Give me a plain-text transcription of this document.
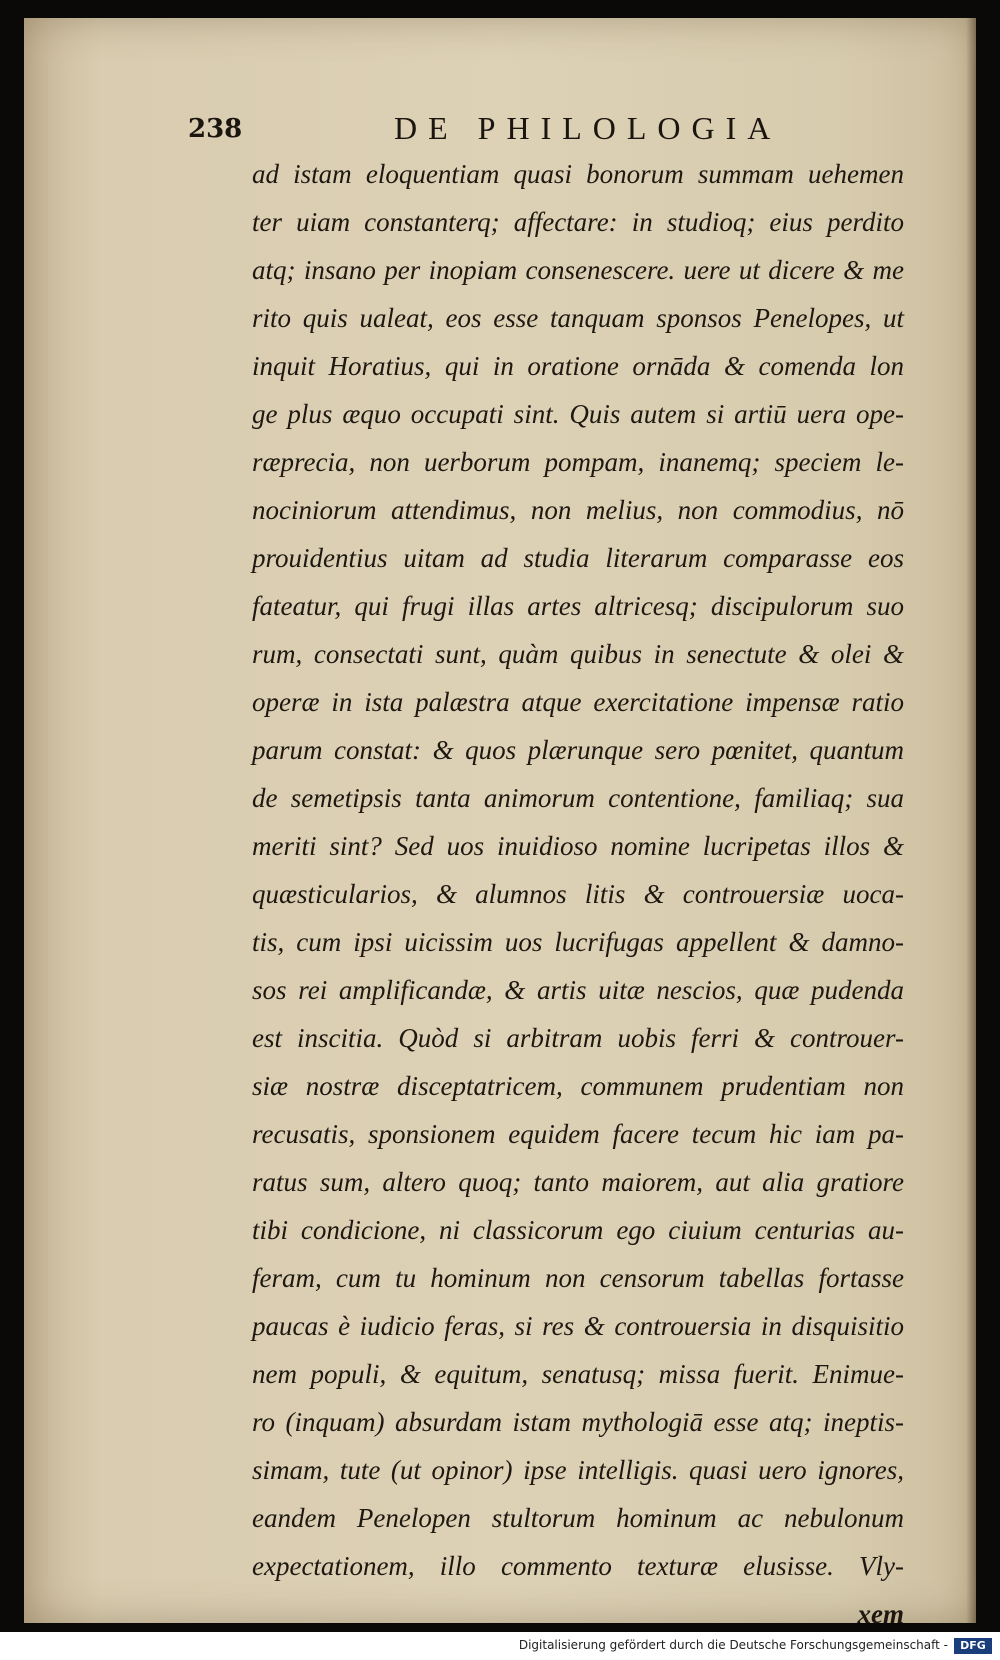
238	DE PHILOLOGIA
ad istam eloquentiam quasi bonorum summam uehemen
ter uiam constanterq; affectare: in studioq; eius perdito
atq; insano per inopiam consenescere. uere ut dicere & me
rito quis ualeat, eos esse tanquam sponsos Penelopes, ut
inquit Horatius, qui in oratione ornāda & comenda lon
ge plus æquo occupati sint. Quis autem si artiū uera ope-
ræprecia, non uerborum pompam, inanemq; speciem le-
nociniorum attendimus, non melius, non commodius, nō
prouidentius uitam ad studia literarum comparasse eos
fateatur, qui frugi illas artes altricesq; discipulorum suo
rum, consectati sunt, quàm quibus in senectute & olei &
operæ in ista palæstra atque exercitatione impensæ ratio
parum constat: & quos plærunque sero pœnitet, quantum
de semetipsis tanta animorum contentione, familiaq; sua
meriti sint? Sed uos inuidioso nomine lucripetas illos &
quæsticularios, & alumnos litis & controuersiæ uoca-
tis, cum ipsi uicissim uos lucrifugas appellent & damno-
sos rei amplificandæ, & artis uitæ nescios, quæ pudenda
est inscitia. Quòd si arbitram uobis ferri & controuer-
siæ nostræ disceptatricem, communem prudentiam non
recusatis, sponsionem equidem facere tecum hic iam pa-
ratus sum, altero quoq; tanto maiorem, aut alia gratiore
tibi condicione, ni classicorum ego ciuium centurias au-
feram, cum tu hominum non censorum tabellas fortasse
paucas è iudicio feras, si res & controuersia in disquisitio
nem populi, & equitum, senatusq; missa fuerit. Enimue-
ro (inquam) absurdam istam mythologiā esse atq; ineptis-
simam, tute (ut opinor) ipse intelligis. quasi uero ignores,
eandem Penelopen stultorum hominum ac nebulonum
expectationem, illo commento texturæ elusisse. Vly-
xem
Digitalisierung gefördert durch die Deutsche Forschungsgemeinschaft -	DFG
